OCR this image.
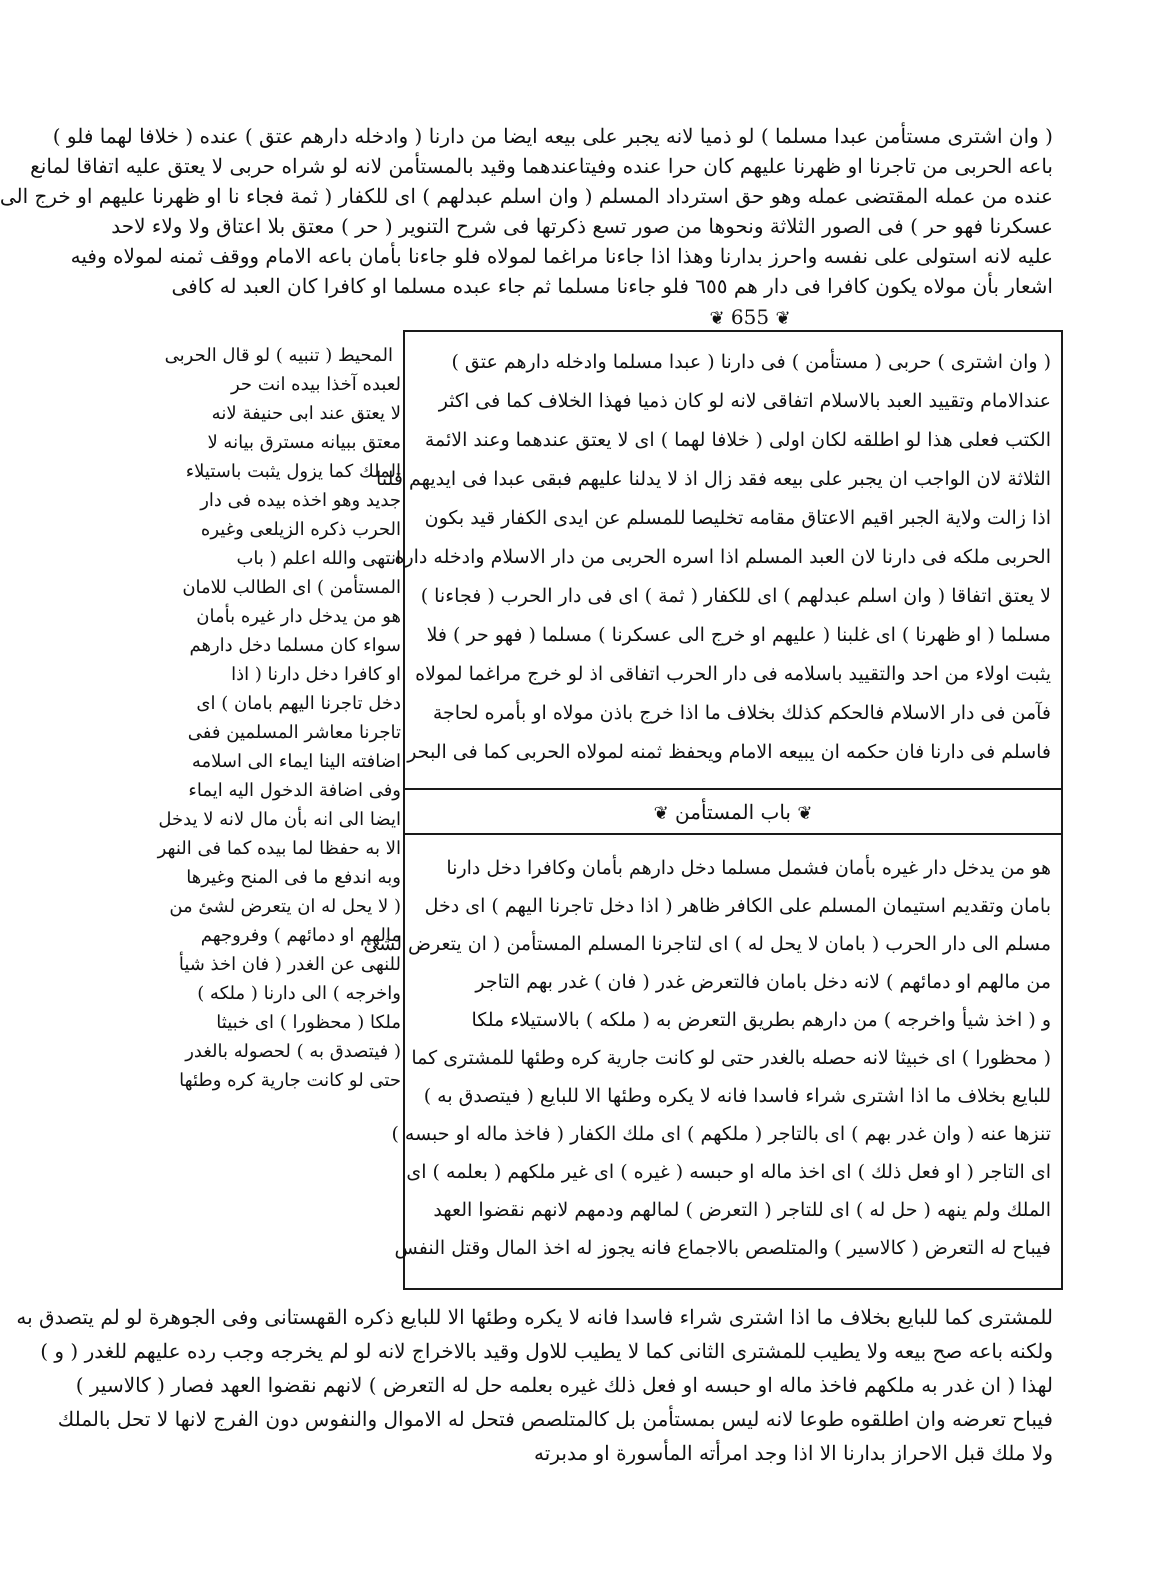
( وان اشترى مستأمن عبدا مسلما ) لو ذميا لانه يجبر على بيعه ايضا من دارنا ( وادخله دارهم عتق ) عنده ( خلافا لهما فلو )
باعه الحربى من تاجرنا او ظهرنا عليهم كان حرا عنده وفيتاعندهما وقيد بالمستأمن لانه لو شراه حربى لا يعتق عليه اتفاقا لمانع
عنده من عمله المقتضى عمله وهو حق استرداد المسلم ( وان اسلم عبدلهم ) اى للكفار ( ثمة فجاء نا او ظهرنا عليهم او خرج الى
عسكرنا فهو حر ) فى الصور الثلاثة ونحوها من صور تسع ذكرتها فى شرح التنوير ( حر ) معتق بلا اعتاق ولا ولاء لاحد
عليه لانه استولى على نفسه واحرز بدارنا وهذا اذا جاءنا مراغما لمولاه فلو جاءنا بأمان باعه الامام ووقف ثمنه لمولاه وفيه
اشعار بأن مولاه يكون كافرا فى دار هم ٦٥٥ فلو جاءنا مسلما ثم جاء عبده مسلما او كافرا كان العبد له كافى
❦ 655 ❦
المحيط ( تنبيه ) لو قال الحربى
لعبده آخذا بيده انت حر
لا يعتق عند ابى حنيفة لانه
معتق ببيانه مسترق بيانه لا
الملك كما يزول يثبت باستيلاء
جديد وهو اخذه بيده فى دار
الحرب ذكره الزيلعى وغيره
انتهى والله اعلم ( باب
المستأمن ) اى الطالب للامان
هو من يدخل دار غيره بأمان
سواء كان مسلما دخل دارهم
او كافرا دخل دارنا ( اذا
دخل تاجرنا اليهم بامان ) اى
تاجرنا معاشر المسلمين ففى
اضافته الينا ايماء الى اسلامه
وفى اضافة الدخول اليه ايماء
ايضا الى انه بأن مال لانه لا يدخل
الا به حفظا لما بيده كما فى النهر
وبه اندفع ما فى المنح وغيرها
( لا يحل له ان يتعرض لشئ من
مالهم او دمائهم ) وفروجهم
للنهى عن الغدر ( فان اخذ شيأ
واخرجه ) الى دارنا ( ملكه )
ملكا ( محظورا ) اى خبيثا
( فيتصدق به ) لحصوله بالغدر
حتى لو كانت جارية كره وطئها
( وان اشترى ) حربى ( مستأمن ) فى دارنا ( عبدا مسلما وادخله دارهم عتق )
عندالامام وتقييد العبد بالاسلام اتفاقى لانه لو كان ذميا فهذا الخلاف كما فى اكثر
الكتب فعلى هذا لو اطلقه لكان اولى ( خلافا لهما ) اى لا يعتق عندهما وعند الائمة
الثلاثة لان الواجب ان يجبر على بيعه فقد زال اذ لا يدلنا عليهم فبقى عبدا فى ايديهم قلنا
اذا زالت ولاية الجبر اقيم الاعتاق مقامه تخليصا للمسلم عن ايدى الكفار قيد بكون
الحربى ملكه فى دارنا لان العبد المسلم اذا اسره الحربى من دار الاسلام وادخله داره
لا يعتق اتفاقا ( وان اسلم عبدلهم ) اى للكفار ( ثمة ) اى فى دار الحرب ( فجاءنا )
مسلما ( او ظهرنا ) اى غلبنا ( عليهم او خرج الى عسكرنا ) مسلما ( فهو حر ) فلا
يثبت اولاء من احد والتقييد باسلامه فى دار الحرب اتفاقى اذ لو خرج مراغما لمولاه
فآمن فى دار الاسلام فالحكم كذلك بخلاف ما اذا خرج باذن مولاه او بأمره لحاجة
فاسلم فى دارنا فان حكمه ان يبيعه الامام ويحفظ ثمنه لمولاه الحربى كما فى البحر
❦ باب المستأمن ❦
هو من يدخل دار غيره بأمان فشمل مسلما دخل دارهم بأمان وكافرا دخل دارنا
بامان وتقديم استيمان المسلم على الكافر ظاهر ( اذا دخل تاجرنا اليهم ) اى دخل
مسلم الى دار الحرب ( بامان لا يحل له ) اى لتاجرنا المسلم المستأمن ( ان يتعرض لشئ
من مالهم او دمائهم ) لانه دخل بامان فالتعرض غدر ( فان ) غدر بهم التاجر
و ( اخذ شيأ واخرجه ) من دارهم بطريق التعرض به ( ملكه ) بالاستيلاء ملكا
( محظورا ) اى خبيثا لانه حصله بالغدر حتى لو كانت جارية كره وطئها للمشترى كما
للبايع بخلاف ما اذا اشترى شراء فاسدا فانه لا يكره وطئها الا للبايع ( فيتصدق به )
تنزها عنه ( وان غدر بهم ) اى بالتاجر ( ملكهم ) اى ملك الكفار ( فاخذ ماله او حبسه )
اى التاجر ( او فعل ذلك ) اى اخذ ماله او حبسه ( غيره ) اى غير ملكهم ( بعلمه ) اى
الملك ولم ينهه ( حل له ) اى للتاجر ( التعرض ) لمالهم ودمهم لانهم نقضوا العهد
فيباح له التعرض ( كالاسير ) والمتلصص بالاجماع فانه يجوز له اخذ المال وقتل النفس
للمشترى كما للبايع بخلاف ما اذا اشترى شراء فاسدا فانه لا يكره وطئها الا للبايع ذكره القهستانى وفى الجوهرة لو لم يتصدق به
ولكنه باعه صح بيعه ولا يطيب للمشترى الثانى كما لا يطيب للاول وقيد بالاخراج لانه لو لم يخرجه وجب رده عليهم للغدر ( و )
لهذا ( ان غدر به ملكهم فاخذ ماله او حبسه او فعل ذلك غيره بعلمه حل له التعرض ) لانهم نقضوا العهد فصار ( كالاسير )
فيباح تعرضه وان اطلقوه طوعا لانه ليس بمستأمن بل كالمتلصص فتحل له الاموال والنفوس دون الفرج لانها لا تحل بالملك
ولا ملك قبل الاحراز بدارنا الا اذا وجد امرأته المأسورة او مدبرته
